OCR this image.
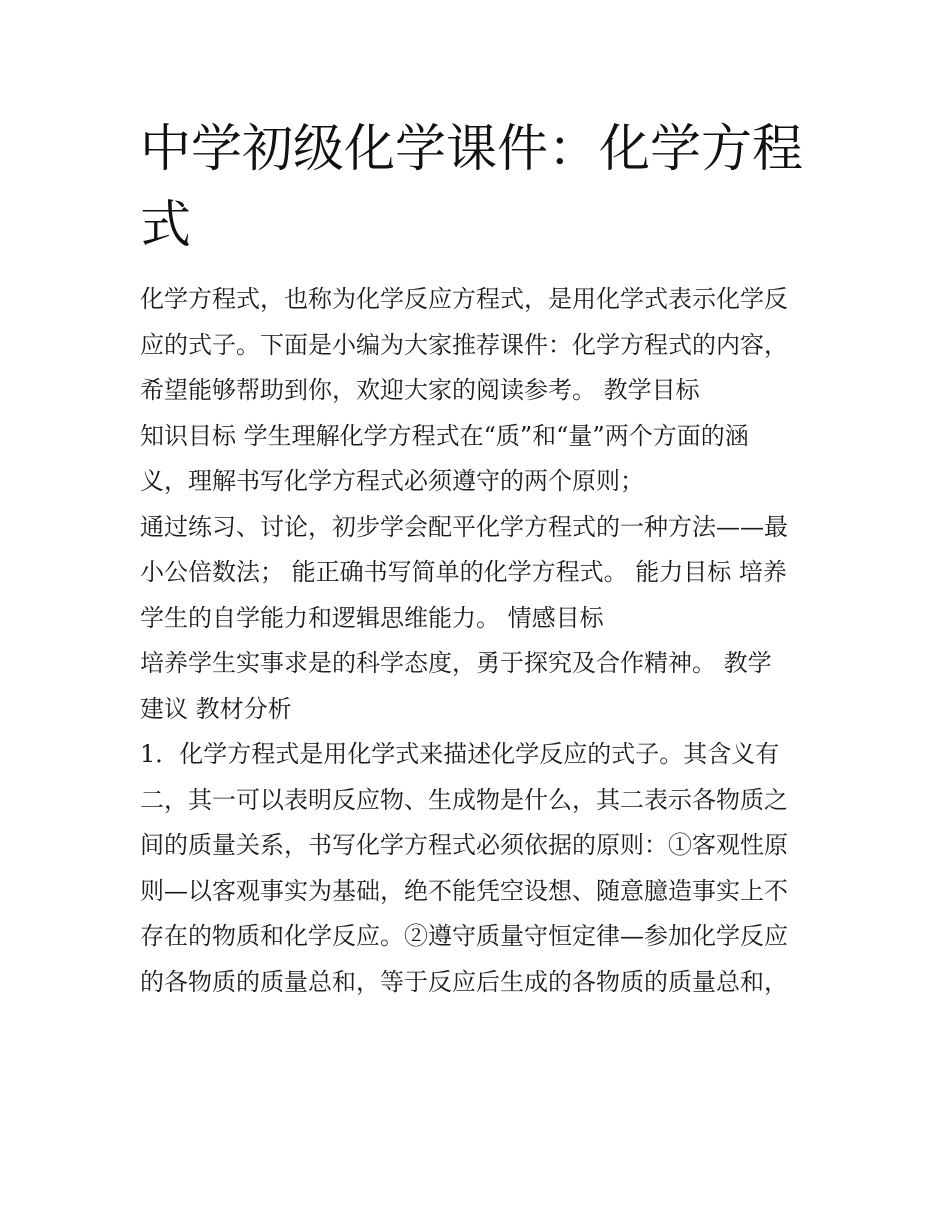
中学初级化学课件：化学方程
式
化学方程式，也称为化学反应方程式，是用化学式表示化学反
应的式子。下面是小编为大家推荐课件：化学方程式的内容，
希望能够帮助到你，欢迎大家的阅读参考。 教学目标
知识目标 学生理解化学方程式在“质”和“量”两个方面的涵
义，理解书写化学方程式必须遵守的两个原则；
通过练习、讨论，初步学会配平化学方程式的一种方法——最
小公倍数法； 能正确书写简单的化学方程式。 能力目标 培养
学生的自学能力和逻辑思维能力。 情感目标
培养学生实事求是的科学态度，勇于探究及合作精神。 教学
建议 教材分析
1．化学方程式是用化学式来描述化学反应的式子。其含义有
二，其一可以表明反应物、生成物是什么，其二表示各物质之
间的质量关系，书写化学方程式必须依据的原则：①客观性原
则—以客观事实为基础，绝不能凭空设想、随意臆造事实上不
存在的物质和化学反应。②遵守质量守恒定律—参加化学反应
的各物质的质量总和，等于反应后生成的各物质的质量总和，
